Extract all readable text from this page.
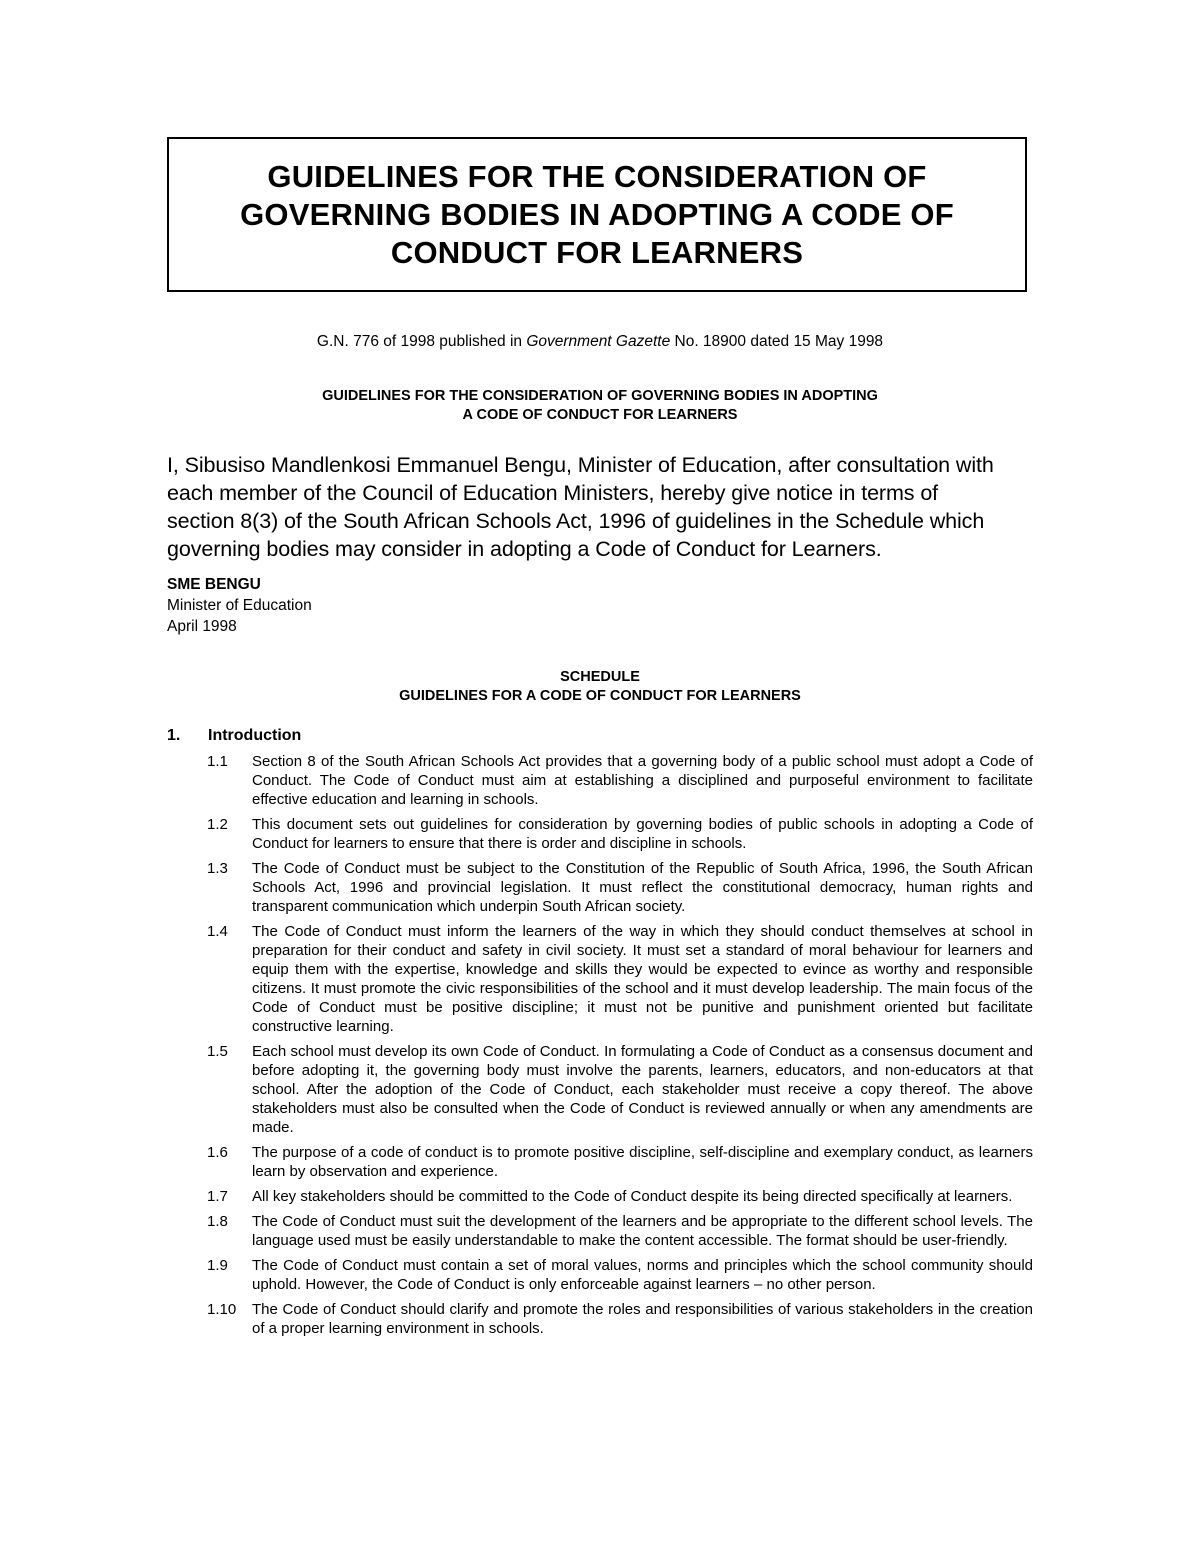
GUIDELINES FOR THE CONSIDERATION OF
GOVERNING BODIES IN ADOPTING A CODE OF
CONDUCT FOR LEARNERS
G.N. 776 of 1998 published in Government Gazette No. 18900 dated 15 May 1998
GUIDELINES FOR THE CONSIDERATION OF GOVERNING BODIES IN ADOPTING
A CODE OF CONDUCT FOR LEARNERS
I, Sibusiso Mandlenkosi Emmanuel Bengu, Minister of Education, after consultation with
each member of the Council of Education Ministers, hereby give notice in terms of
section 8(3) of the South African Schools Act, 1996 of guidelines in the Schedule which
governing bodies may consider in adopting a Code of Conduct for Learners.
SME BENGU
Minister of Education
April 1998
SCHEDULE
GUIDELINES FOR A CODE OF CONDUCT FOR LEARNERS
1. Introduction
1.1	Section 8 of the South African Schools Act provides that a governing body of a public school must adopt a Code of Conduct. The Code of Conduct must aim at establishing a disciplined and purposeful environment to facilitate effective education and learning in schools.
1.2	This document sets out guidelines for consideration by governing bodies of public schools in adopting a Code of Conduct for learners to ensure that there is order and discipline in schools.
1.3	The Code of Conduct must be subject to the Constitution of the Republic of South Africa, 1996, the South African Schools Act, 1996 and provincial legislation. It must reflect the constitutional democracy, human rights and transparent communication which underpin South African society.
1.4	The Code of Conduct must inform the learners of the way in which they should conduct themselves at school in preparation for their conduct and safety in civil society. It must set a standard of moral behaviour for learners and equip them with the expertise, knowledge and skills they would be expected to evince as worthy and responsible citizens. It must promote the civic responsibilities of the school and it must develop leadership. The main focus of the Code of Conduct must be positive discipline; it must not be punitive and punishment oriented but facilitate constructive learning.
1.5	Each school must develop its own Code of Conduct. In formulating a Code of Conduct as a consensus document and before adopting it, the governing body must involve the parents, learners, educators, and non-educators at that school. After the adoption of the Code of Conduct, each stakeholder must receive a copy thereof. The above stakeholders must also be consulted when the Code of Conduct is reviewed annually or when any amendments are made.
1.6	The purpose of a code of conduct is to promote positive discipline, self-discipline and exemplary conduct, as learners learn by observation and experience.
1.7	All key stakeholders should be committed to the Code of Conduct despite its being directed specifically at learners.
1.8	The Code of Conduct must suit the development of the learners and be appropriate to the different school levels. The language used must be easily understandable to make the content accessible. The format should be user-friendly.
1.9	The Code of Conduct must contain a set of moral values, norms and principles which the school community should uphold. However, the Code of Conduct is only enforceable against learners – no other person.
1.10	The Code of Conduct should clarify and promote the roles and responsibilities of various stakeholders in the creation of a proper learning environment in schools.
